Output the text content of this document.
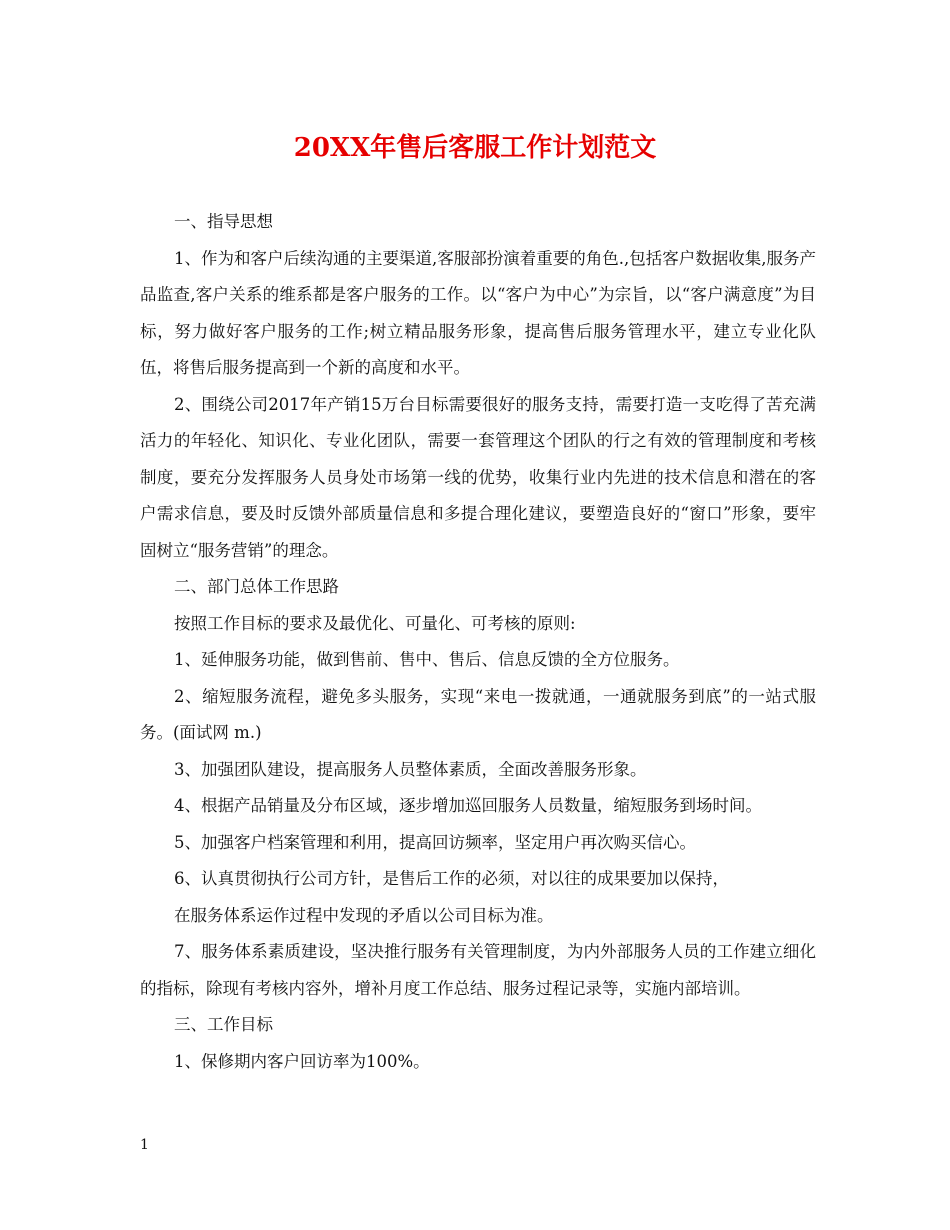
20XX年售后客服工作计划范文

一、指导思想

1、作为和客户后续沟通的主要渠道,客服部扮演着重要的角色.,包括客户数据收集,服务产品监查,客户关系的维系都是客户服务的工作。以“客户为中心”为宗旨，以“客户满意度”为目标，努力做好客户服务的工作;树立精品服务形象，提高售后服务管理水平，建立专业化队伍，将售后服务提高到一个新的高度和水平。

2、围绕公司2017年产销15万台目标需要很好的服务支持，需要打造一支吃得了苦充满活力的年轻化、知识化、专业化团队，需要一套管理这个团队的行之有效的管理制度和考核制度，要充分发挥服务人员身处市场第一线的优势，收集行业内先进的技术信息和潜在的客户需求信息，要及时反馈外部质量信息和多提合理化建议，要塑造良好的“窗口”形象，要牢固树立“服务营销”的理念。

二、部门总体工作思路

按照工作目标的要求及最优化、可量化、可考核的原则:

1、延伸服务功能，做到售前、售中、售后、信息反馈的全方位服务。

2、缩短服务流程，避免多头服务，实现“来电一拨就通，一通就服务到底”的一站式服务。(面试网 m.)

3、加强团队建设，提高服务人员整体素质，全面改善服务形象。

4、根据产品销量及分布区域，逐步增加巡回服务人员数量，缩短服务到场时间。

5、加强客户档案管理和利用，提高回访频率，坚定用户再次购买信心。

6、认真贯彻执行公司方针，是售后工作的必须，对以往的成果要加以保持，

在服务体系运作过程中发现的矛盾以公司目标为准。

7、服务体系素质建设，坚决推行服务有关管理制度，为内外部服务人员的工作建立细化的指标，除现有考核内容外，增补月度工作总结、服务过程记录等，实施内部培训。

三、工作目标

1、保修期内客户回访率为100%。

1
